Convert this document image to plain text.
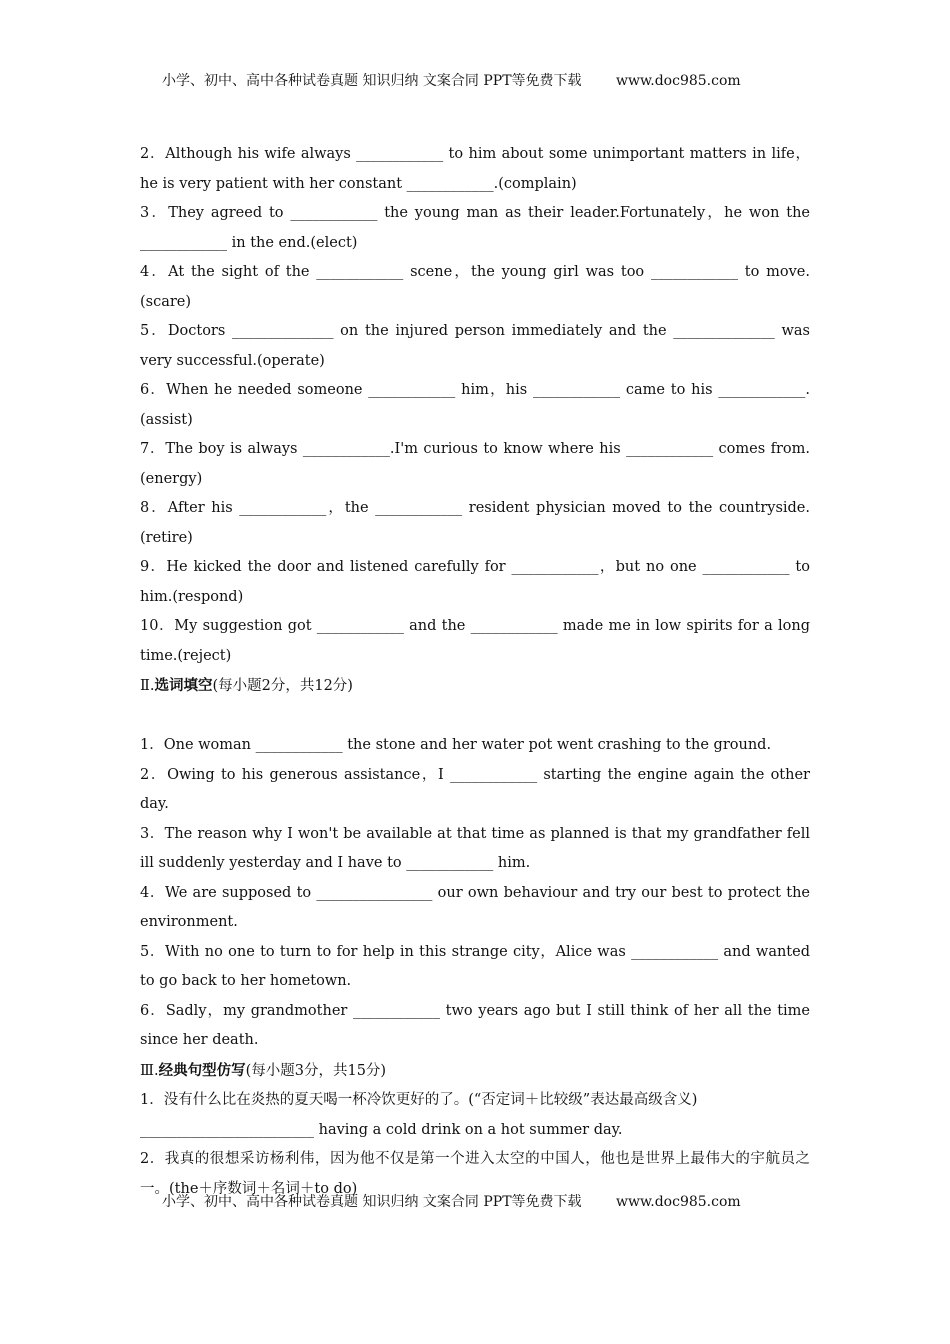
小学、初中、高中各种试卷真题 知识归纳 文案合同 PPT等免费下载 www.doc985.com

2．Although his wife always ____________ to him about some unimportant matters in life，he is very patient with her constant ____________.(complain)

3．They agreed to ____________ the young man as their leader.Fortunately，he won the ____________ in the end.(elect)

4．At the sight of the ____________ scene，the young girl was too ____________ to move.(scare)

5．Doctors ______________ on the injured person immediately and the ______________ was very successful.(operate)

6．When he needed someone ____________ him，his ____________ came to his ____________.(assist)

7．The boy is always ____________.I'm curious to know where his ____________ comes from.(energy)

8．After his ____________，the ____________ resident physician moved to the countryside.(retire)

9．He kicked the door and listened carefully for ____________，but no one ____________ to him.(respond)

10．My suggestion got ____________ and the ____________ made me in low spirits for a long time.(reject)

Ⅱ.选词填空(每小题2分，共12分)

1．One woman ____________ the stone and her water pot went crashing to the ground.

2．Owing to his generous assistance，I ____________ starting the engine again the other day.

3．The reason why I won't be available at that time as planned is that my grandfather fell ill suddenly yesterday and I have to ____________ him.

4．We are supposed to ________________ our own behaviour and try our best to protect the environment.

5．With no one to turn to for help in this strange city，Alice was ____________ and wanted to go back to her hometown.

6．Sadly，my grandmother ____________ two years ago but I still think of her all the time since her death.

Ⅲ.经典句型仿写(每小题3分，共15分)

1．没有什么比在炎热的夏天喝一杯冷饮更好的了。(“否定词＋比较级”表达最高级含义)

________________________ having a cold drink on a hot summer day.

2．我真的很想采访杨利伟，因为他不仅是第一个进入太空的中国人，他也是世界上最伟大的宇航员之一。(the＋序数词＋名词＋to do)

小学、初中、高中各种试卷真题 知识归纳 文案合同 PPT等免费下载 www.doc985.com
